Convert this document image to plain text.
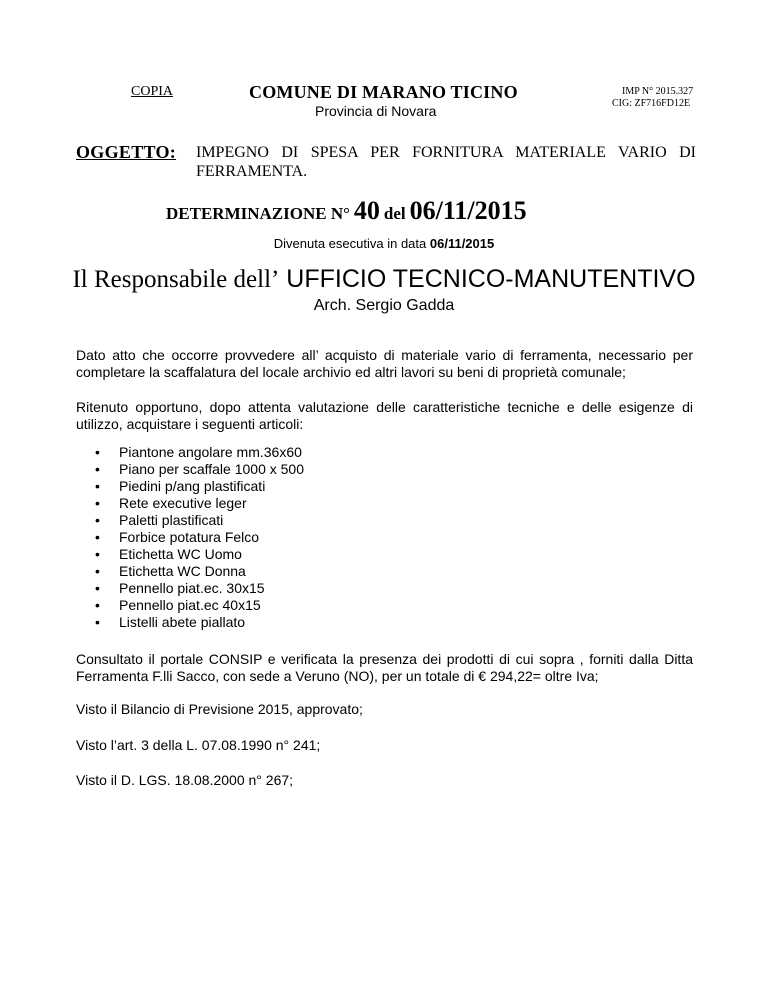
COPIA	COMUNE DI MARANO TICINO
Provincia di Novara
IMP N° 2015.327
CIG: ZF716FD12E
OGGETTO: IMPEGNO DI SPESA PER FORNITURA MATERIALE VARIO DI FERRAMENTA.
DETERMINAZIONE N° 40 del 06/11/2015
Divenuta esecutiva in data 06/11/2015
Il Responsabile dell’ UFFICIO TECNICO-MANUTENTIVO
Arch. Sergio Gadda
Dato atto che occorre provvedere all’ acquisto di materiale vario di ferramenta, necessario per completare la scaffalatura del locale archivio ed altri lavori su beni di proprietà comunale;
Ritenuto opportuno, dopo attenta valutazione delle caratteristiche tecniche e delle esigenze di utilizzo, acquistare i seguenti articoli:
• Piantone angolare mm.36x60
• Piano per scaffale 1000 x 500
• Piedini p/ang plastificati
• Rete executive leger
• Paletti plastificati
• Forbice potatura Felco
• Etichetta WC Uomo
• Etichetta WC Donna
• Pennello piat.ec. 30x15
• Pennello piat.ec 40x15
• Listelli abete piallato
Consultato il portale CONSIP e verificata la presenza dei prodotti di cui sopra , forniti dalla Ditta Ferramenta F.lli Sacco, con sede a Veruno (NO), per un totale di € 294,22= oltre Iva;
Visto il Bilancio di Previsione 2015, approvato;
Visto l’art. 3 della L. 07.08.1990 n° 241;
Visto il D. LGS. 18.08.2000 n° 267;
